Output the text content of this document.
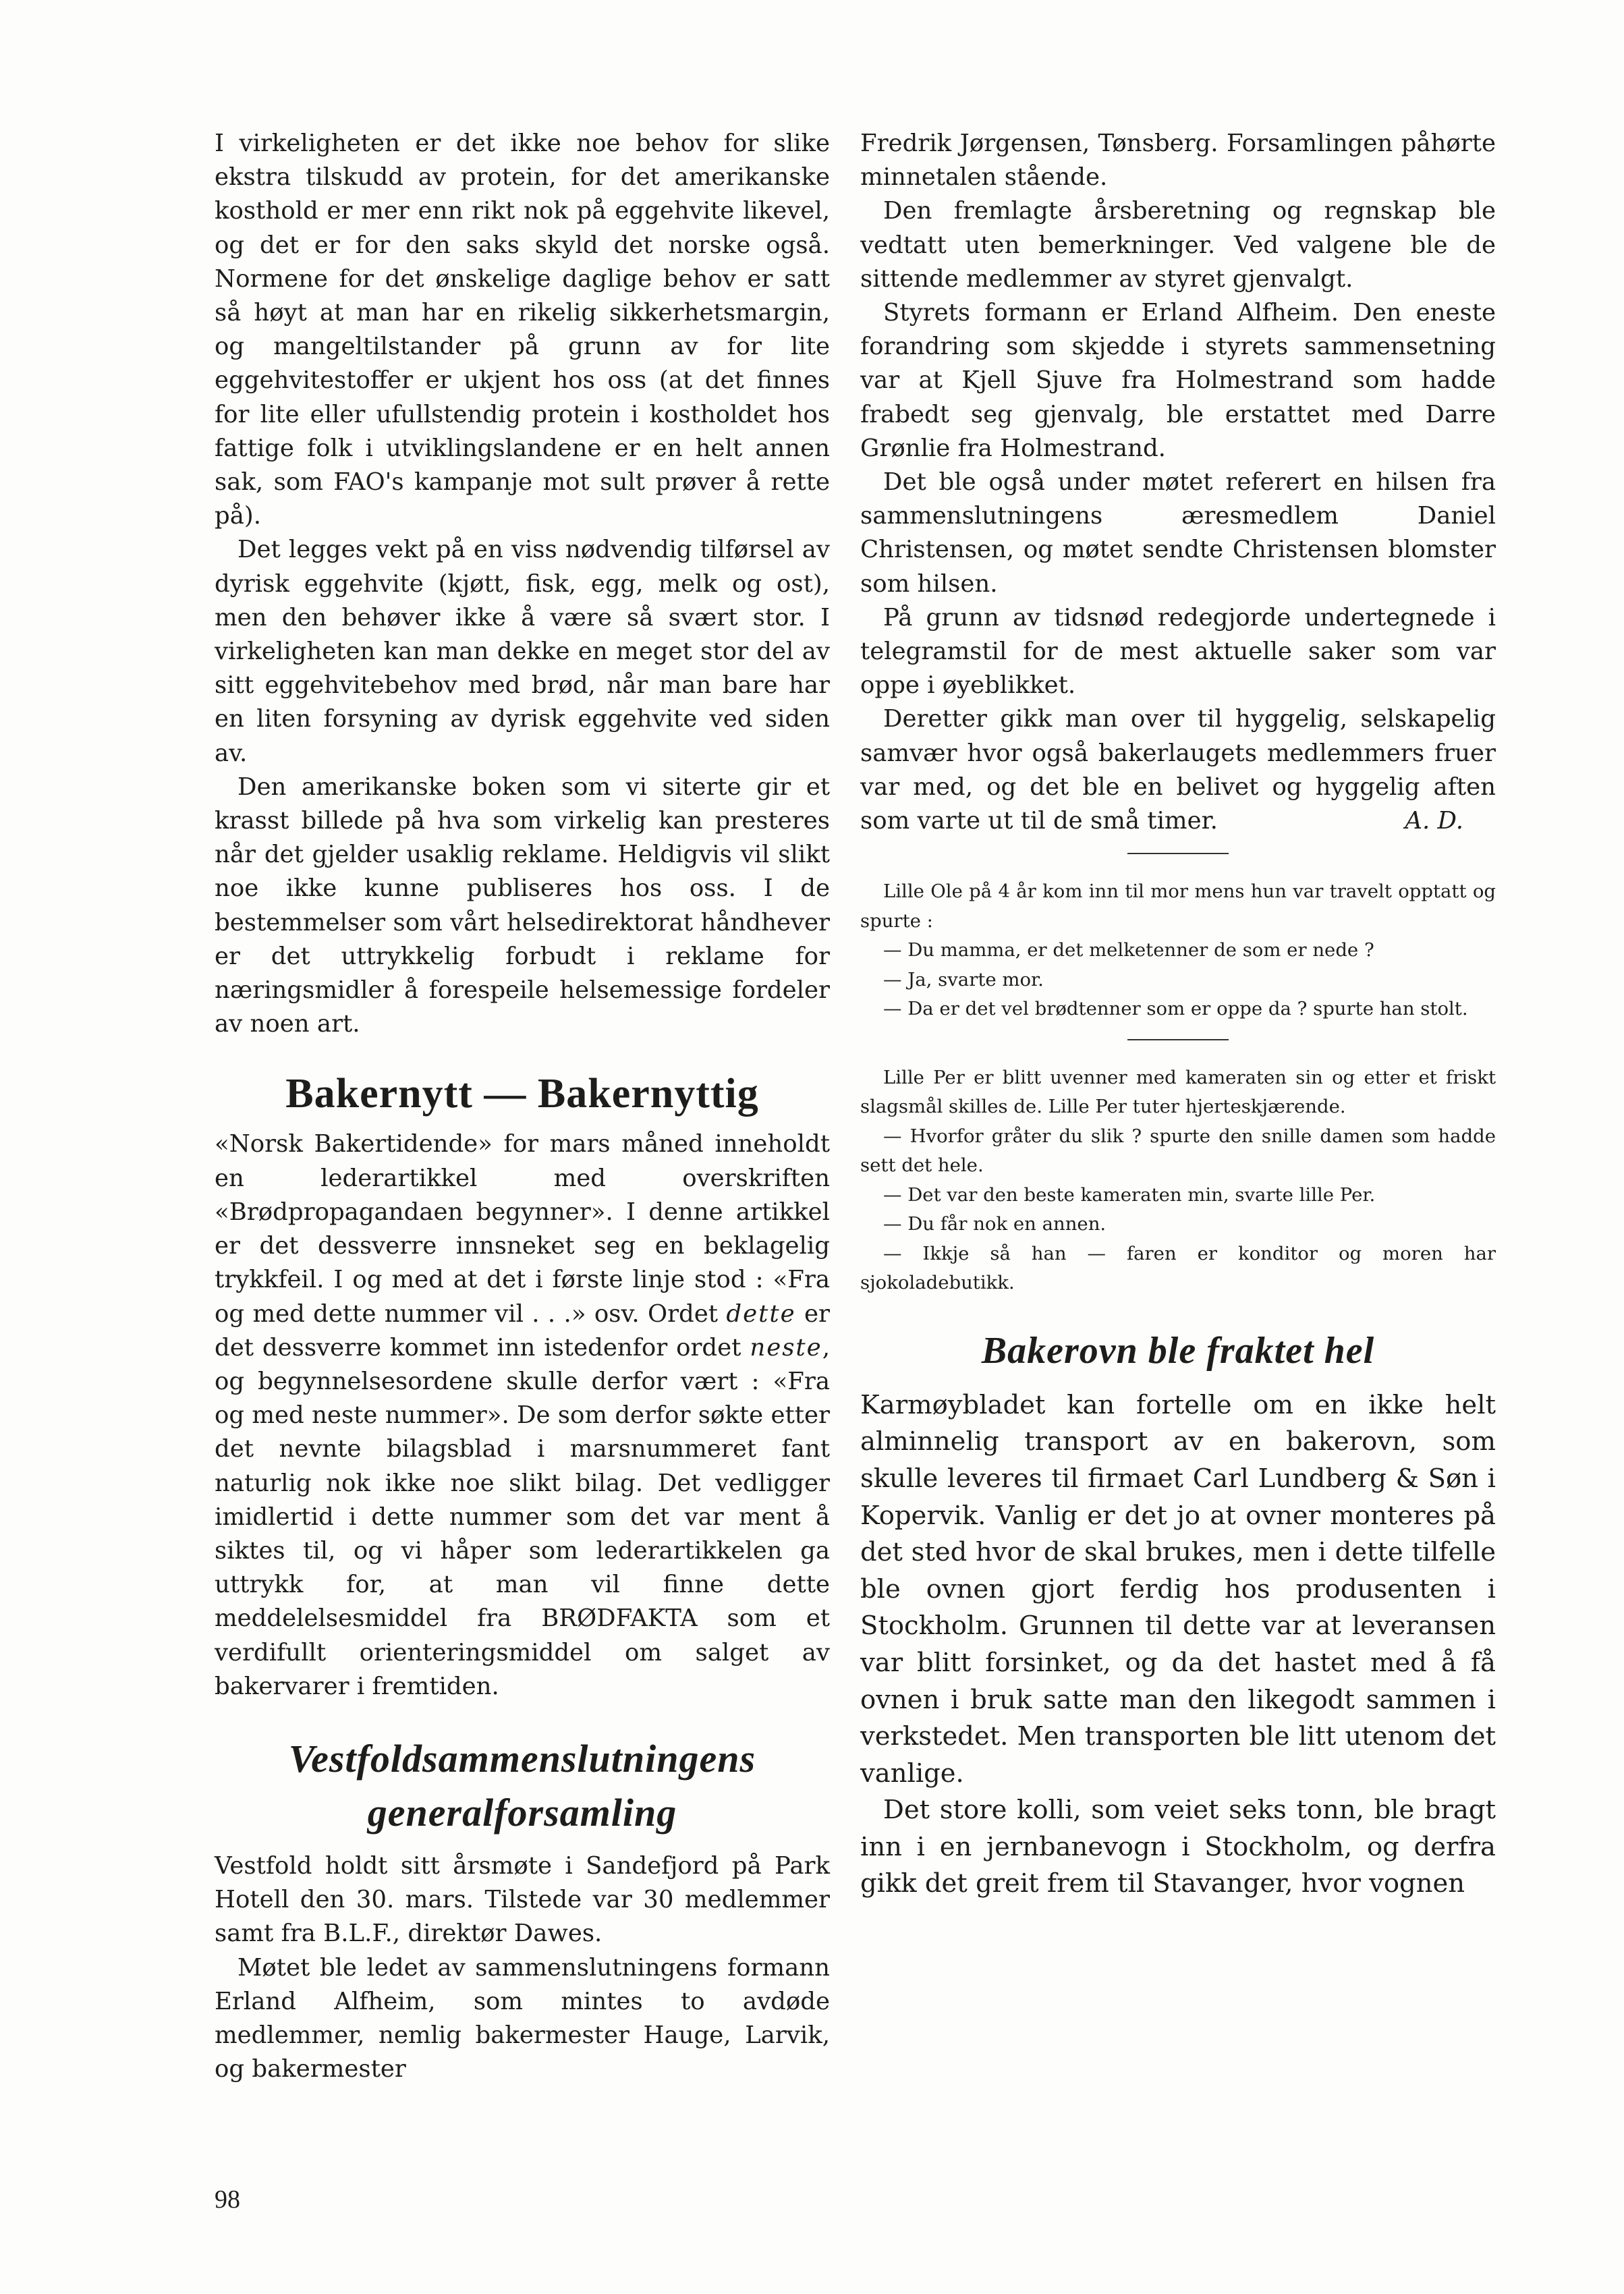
I virkeligheten er det ikke noe behov for slike ekstra tilskudd av protein, for det amerikanske kosthold er mer enn rikt nok på eggehvite likevel, og det er for den saks skyld det norske også. Normene for det ønskelige daglige behov er satt så høyt at man har en rikelig sikkerhetsmargin, og mangeltilstander på grunn av for lite eggehvitestoffer er ukjent hos oss (at det finnes for lite eller ufullstendig protein i kostholdet hos fattige folk i utviklingslandene er en helt annen sak, som FAO's kampanje mot sult prøver å rette på).

Det legges vekt på en viss nødvendig tilførsel av dyrisk eggehvite (kjøtt, fisk, egg, melk og ost), men den behøver ikke å være så svært stor. I virkeligheten kan man dekke en meget stor del av sitt eggehvitebehov med brød, når man bare har en liten forsyning av dyrisk eggehvite ved siden av.

Den amerikanske boken som vi siterte gir et krasst billede på hva som virkelig kan presteres når det gjelder usaklig reklame. Heldigvis vil slikt noe ikke kunne publiseres hos oss. I de bestemmelser som vårt helsedirektorat håndhever er det uttrykkelig forbudt i reklame for næringsmidler å forespeile helsemessige fordeler av noen art.

Bakernytt — Bakernyttig

«Norsk Bakertidende» for mars måned inneholdt en lederartikkel med overskriften «Brødpropagandaen begynner». I denne artikkel er det dessverre innsneket seg en beklagelig trykkfeil. I og med at det i første linje stod : «Fra og med dette nummer vil . . .» osv. Ordet dette er det dessverre kommet inn istedenfor ordet neste, og begynnelsesordene skulle derfor vært : «Fra og med neste nummer». De som derfor søkte etter det nevnte bilagsblad i marsnummeret fant naturlig nok ikke noe slikt bilag. Det vedligger imidlertid i dette nummer som det var ment å siktes til, og vi håper som lederartikkelen ga uttrykk for, at man vil finne dette meddelelsesmiddel fra BRØDFAKTA som et verdifullt orienteringsmiddel om salget av bakervarer i fremtiden.

Vestfoldsammenslutningens
generalforsamling

Vestfold holdt sitt årsmøte i Sandefjord på Park Hotell den 30. mars. Tilstede var 30 medlemmer samt fra B.L.F., direktør Dawes.

Møtet ble ledet av sammenslutningens formann Erland Alfheim, som mintes to avdøde medlemmer, nemlig bakermester Hauge, Larvik, og bakermester

Fredrik Jørgensen, Tønsberg. Forsamlingen påhørte minnetalen stående.

Den fremlagte årsberetning og regnskap ble vedtatt uten bemerkninger. Ved valgene ble de sittende medlemmer av styret gjenvalgt.

Styrets formann er Erland Alfheim. Den eneste forandring som skjedde i styrets sammensetning var at Kjell Sjuve fra Holmestrand som hadde frabedt seg gjenvalg, ble erstattet med Darre Grønlie fra Holmestrand.

Det ble også under møtet referert en hilsen fra sammenslutningens æresmedlem Daniel Christensen, og møtet sendte Christensen blomster som hilsen.

På grunn av tidsnød redegjorde undertegnede i telegramstil for de mest aktuelle saker som var oppe i øyeblikket.

Deretter gikk man over til hyggelig, selskapelig samvær hvor også bakerlaugets medlemmers fruer var med, og det ble en belivet og hyggelig aften som varte ut til de små timer.	A. D.

Lille Ole på 4 år kom inn til mor mens hun var travelt opptatt og spurte :

— Du mamma, er det melketenner de som er nede ?

— Ja, svarte mor.

— Da er det vel brødtenner som er oppe da ? spurte han stolt.

Lille Per er blitt uvenner med kameraten sin og etter et friskt slagsmål skilles de. Lille Per tuter hjerteskjærende.

— Hvorfor gråter du slik ? spurte den snille damen som hadde sett det hele.

— Det var den beste kameraten min, svarte lille Per.

— Du får nok en annen.

— Ikkje så han — faren er konditor og moren har sjokoladebutikk.

Bakerovn ble fraktet hel

Karmøybladet kan fortelle om en ikke helt alminnelig transport av en bakerovn, som skulle leveres til firmaet Carl Lundberg & Søn i Kopervik. Vanlig er det jo at ovner monteres på det sted hvor de skal brukes, men i dette tilfelle ble ovnen gjort ferdig hos produsenten i Stockholm. Grunnen til dette var at leveransen var blitt forsinket, og da det hastet med å få ovnen i bruk satte man den likegodt sammen i verkstedet. Men transporten ble litt utenom det vanlige.

Det store kolli, som veiet seks tonn, ble bragt inn i en jernbanevogn i Stockholm, og derfra gikk det greit frem til Stavanger, hvor vognen

98
